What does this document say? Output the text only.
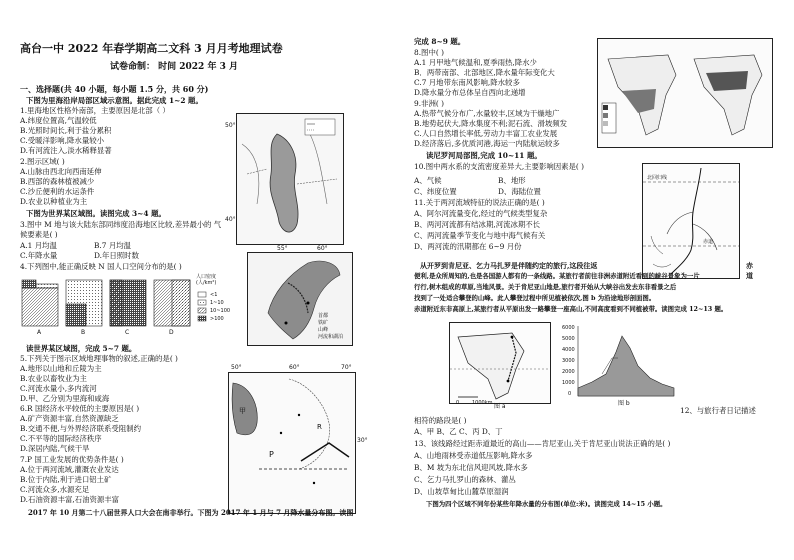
高台一中 2022 年春学期高二文科 3 月月考地理试卷
试卷命制： 时间 2022 年 3 月
一、选择题(共 40 小题，每小题 1.5 分，共 60 分)
下图为里海沿岸局部区域示意图。据此完成 1~2 题。
1.里海地区性格外南部，主要原因是北部（ ）
A.纬度位置高,气温较低
B.光照时间长,利于盐分累积
C.受暖洋影响,降水量较小
D.有河流注入,淡水稀释显著
2.图示区域( )
A.山脉由西北向西南延伸
B.西部的森林植被减少
C.沙丘便利的水运条件
D.农业以种植业为主
下图为世界某区域图。读图完成 3~4 题。
3.图中 M 地与该大陆东部同纬度沿海地区比较,差异最小 的 气
候要素是( )
A.1 月均温	B.7 月均温
C.年降水量	D.年日照时数
4.下列图中,能正确反映 N 国人口空间分布的是( )
40°
50°
55°	60°
首都
铁矿
山峰
河流和湖泊
人口密度
(人/km²)
<1
1~10
10~100
>100
A	B	C	D
读世界某区域图，完成 5~7 题。
5.下列关于图示区域地理事物的叙述,正确的是( )
A.地形以山地和丘陵为主
B.农业以畜牧业为主
C.河流水量小,多内流河
D.甲、乙分别为里海和咸海
6.R 国经济水平较低的主要原因是( )
A.矿产资源丰富,自然资源缺乏
B.交通不便,与外界经济联系受阻制约
C.不平等的国际经济秩序
D.深居内陆,气候干旱
7.P 国工业发展的优势条件是( )
A.位于两河流域,灌溉农业发达
B.位于内陆,利于进口铝土矿
C.河流众多,水源充足
D.石油资源丰富,石油资源丰富
50°	60°	70°
30°
甲
P
R
2017 年 10 月第二十八届世界人口大会在南非举行。下图为 2017 年 1 月与 7 月降水量分布图。读图
完成 8~9 题。
8.图中( )
A.1 月甲地气候温和,夏季雨热,降水少
B．两带南部、北部地区,降水量年际变化大
C.7 月地带东南风影响,降水较多
D.降水量分布总体呈自西向北递增
9.非洲( )
A.热带气候分布广,水量较丰,区域为干燥地广
B.地势起伏大,降水集度不利;泥石流、滑坡频发
C.人口自然增长率低,劳动力丰富工农业发展
D.经济落后,多优质河港,海运一内陆航运较多
读尼罗河局部图,完成 10~11 题。
10.图中两水系的支流密度差异大,主要影响因素是( )
A、气候	B、地形
C、纬度位置	D、海陆位置
11.关于两河流域特征的说法正确的是( )
A、阿尔河流量变化,经过的气候类型复杂
B、两河河流都有结冰期,河流冰期不长
C、两河流量季节变化与地中海气候有关
D、两河流的汛期都在 6~9 月份
北回归线
赤道
从开罗到肯尼亚、乞力马扎罗是伴随约定的旅行,这段往返	赤
道
便利,是众所周知的,也是各国游人都有的一条线路。某旅行者前往非洲赤道附近看到的峡谷景象为一片
行行,树木组成的草原,当地风景。关于肯尼亚山地是,旅行者开始从大峡谷出发去东非看景之后
找到了一处适合攀登的山峰。此人攀登过程中所见植被依次,图 b 为沿途地形剖面图。
赤道附近东非高原上,某旅行者从平原出发一路攀登一座高山,不同高度看到不同植被带。读图完成 12~13 题。
0	1000km 图 a
6000
5000
4000
3000
2000
1000
0
图 b
12、与旅行者日记描述
相符的路段是( )
A、甲 B、乙 C、丙 D、丁
13、该线路经过距赤道最近的高山——肯尼亚山,关于肯尼亚山说法正确的是( )
A、山地雨林受赤道低压影响,降水多
B、M 坡为东北信风迎风坡,降水多
C、乞力马扎罗山的森林、灌丛
D、山坡草甸比山麓草原湿润
下图为四个区域不同年份某些年降水量的分布图(单位:米)。读图完成 14~15 小题。
